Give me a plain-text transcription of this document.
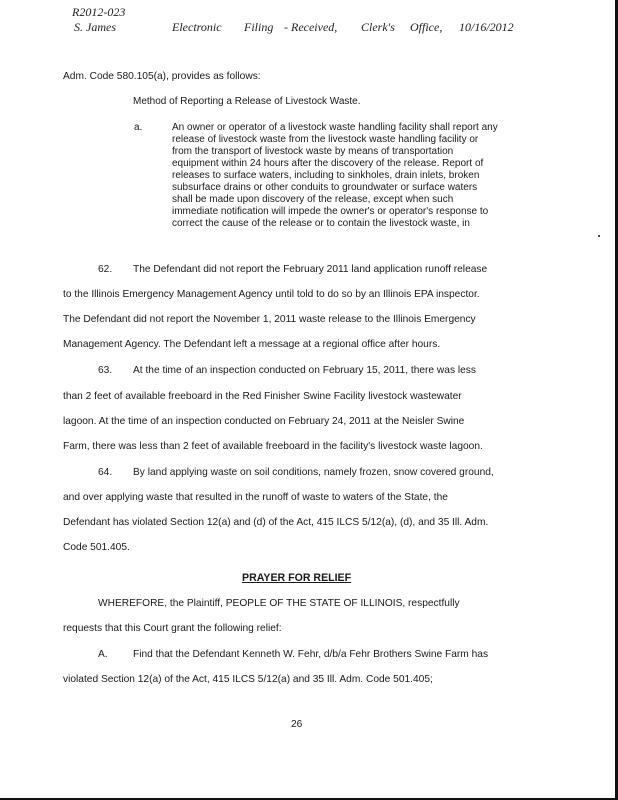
R2012-023
S. James	Electronic Filing - Received, Clerk's Office, 10/16/2012
Adm. Code 580.105(a), provides as follows:
Method of Reporting a Release of Livestock Waste.
a.	An owner or operator of a livestock waste handling facility shall report any
release of livestock waste from the livestock waste handling facility or
from the transport of livestock waste by means of transportation
equipment within 24 hours after the discovery of the release. Report of
releases to surface waters, including to sinkholes, drain inlets, broken
subsurface drains or other conduits to groundwater or surface waters
shall be made upon discovery of the release, except when such
immediate notification will impede the owner's or operator's response to
correct the cause of the release or to contain the livestock waste, in
62. The Defendant did not report the February 2011 land application runoff release
to the Illinois Emergency Management Agency until told to do so by an Illinois EPA inspector.
The Defendant did not report the November 1, 2011 waste release to the Illinois Emergency
Management Agency. The Defendant left a message at a regional office after hours.
63. At the time of an inspection conducted on February 15, 2011, there was less
than 2 feet of available freeboard in the Red Finisher Swine Facility livestock wastewater
lagoon. At the time of an inspection conducted on February 24, 2011 at the Neisler Swine
Farm, there was less than 2 feet of available freeboard in the facility's livestock waste lagoon.
64. By land applying waste on soil conditions, namely frozen, snow covered ground,
and over applying waste that resulted in the runoff of waste to waters of the State, the
Defendant has violated Section 12(a) and (d) of the Act, 415 ILCS 5/12(a), (d), and 35 Ill. Adm.
Code 501.405.
PRAYER FOR RELIEF
WHEREFORE, the Plaintiff, PEOPLE OF THE STATE OF ILLINOIS, respectfully
requests that this Court grant the following relief:
A. Find that the Defendant Kenneth W. Fehr, d/b/a Fehr Brothers Swine Farm has
violated Section 12(a) of the Act, 415 ILCS 5/12(a) and 35 Ill. Adm. Code 501.405;
26
